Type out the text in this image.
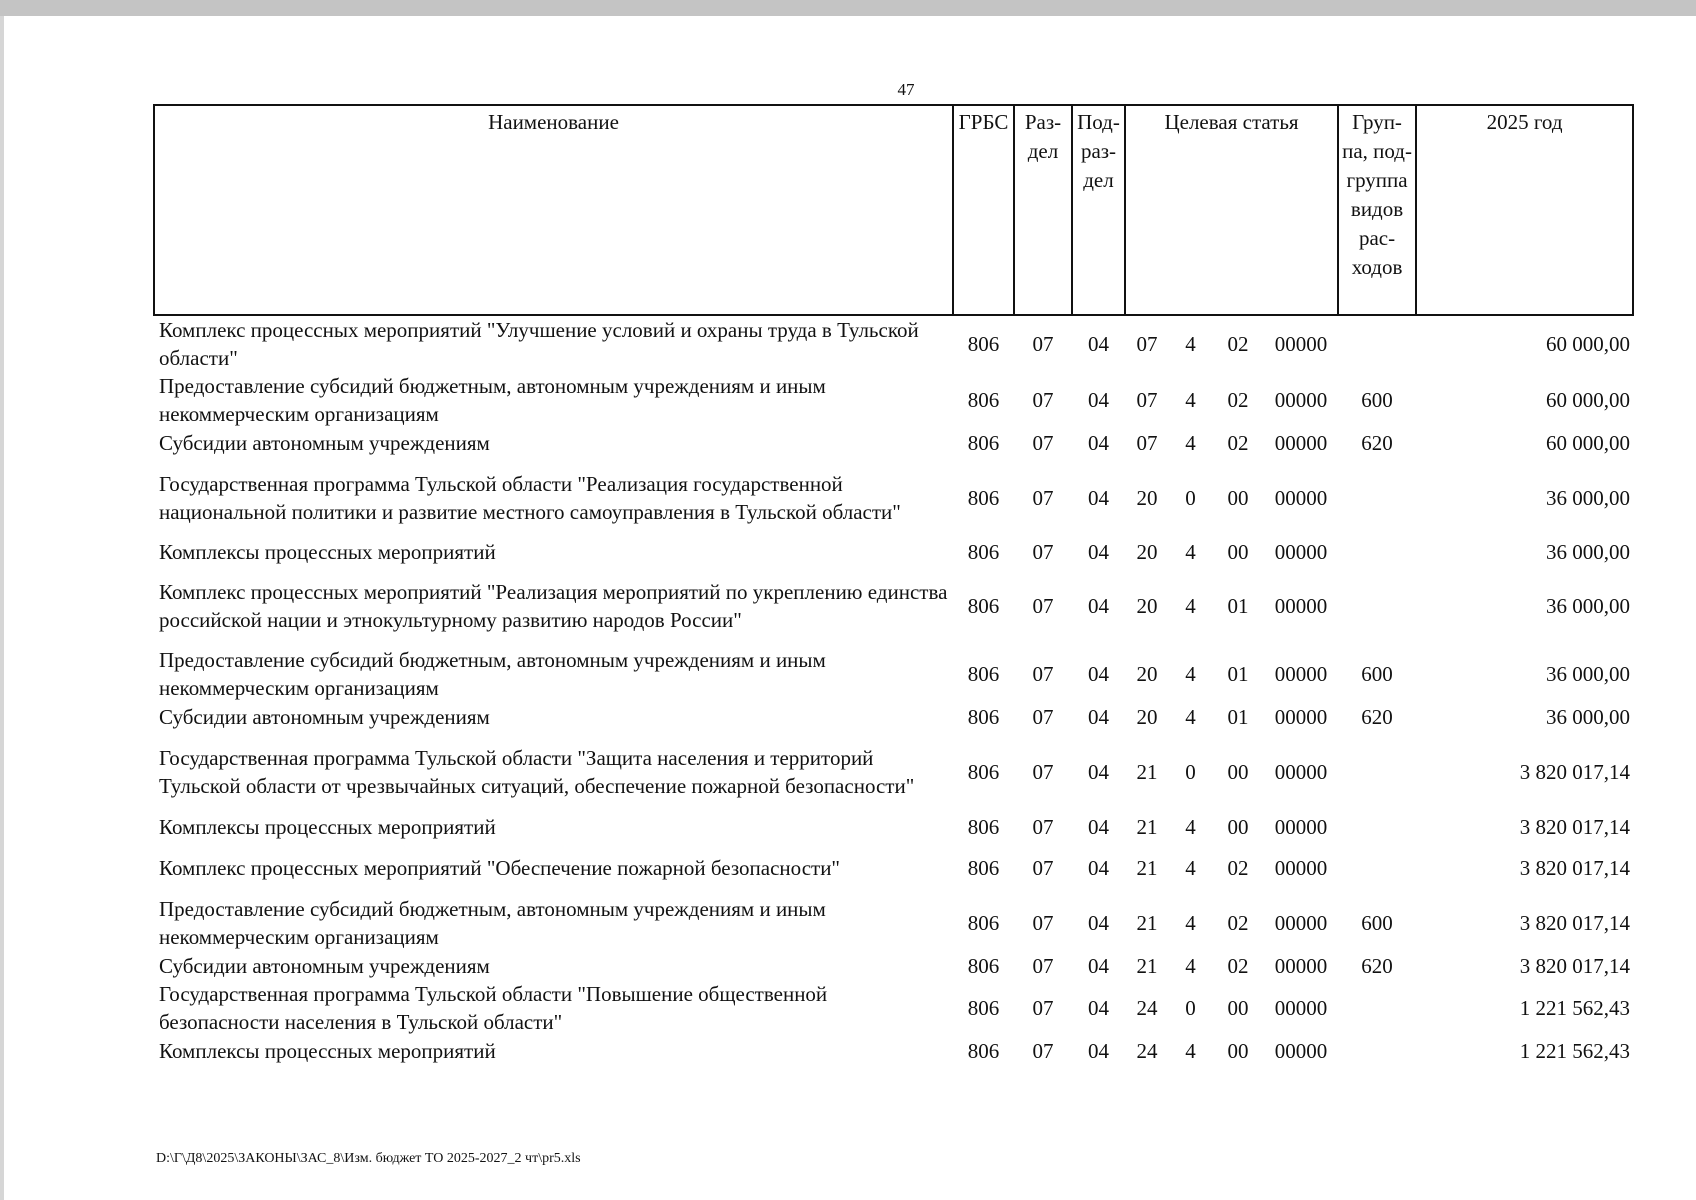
47
Наименование	ГРБС	Раз-дел	Под-раз-дел	Целевая статья				Груп-па, под-группа видов рас-ходов	2025 год
Комплекс процессных мероприятий "Улучшение условий и охраны труда в Тульской области"	806	07	04	07	4	02	00000		60 000,00
Предоставление субсидий бюджетным, автономным учреждениям и иным некоммерческим организациям	806	07	04	07	4	02	00000	600	60 000,00
Субсидии автономным учреждениям	806	07	04	07	4	02	00000	620	60 000,00
Государственная программа Тульской области "Реализация государственной национальной политики и развитие местного самоуправления в Тульской области"	806	07	04	20	0	00	00000		36 000,00
Комплексы процессных мероприятий	806	07	04	20	4	00	00000		36 000,00
Комплекс процессных мероприятий "Реализация мероприятий по укреплению единства российской нации и этнокультурному развитию народов России"	806	07	04	20	4	01	00000		36 000,00
Предоставление субсидий бюджетным, автономным учреждениям и иным некоммерческим организациям	806	07	04	20	4	01	00000	600	36 000,00
Субсидии автономным учреждениям	806	07	04	20	4	01	00000	620	36 000,00
Государственная программа Тульской области "Защита населения и территорий Тульской области от чрезвычайных ситуаций, обеспечение пожарной безопасности"	806	07	04	21	0	00	00000		3 820 017,14
Комплексы процессных мероприятий	806	07	04	21	4	00	00000		3 820 017,14
Комплекс процессных мероприятий "Обеспечение пожарной безопасности"	806	07	04	21	4	02	00000		3 820 017,14
Предоставление субсидий бюджетным, автономным учреждениям и иным некоммерческим организациям	806	07	04	21	4	02	00000	600	3 820 017,14
Субсидии автономным учреждениям	806	07	04	21	4	02	00000	620	3 820 017,14
Государственная программа Тульской области "Повышение общественной безопасности населения в Тульской области"	806	07	04	24	0	00	00000		1 221 562,43
Комплексы процессных мероприятий	806	07	04	24	4	00	00000		1 221 562,43
D:\Г\Д8\2025\ЗАКОНЫ\ЗАС_8\Изм. бюджет ТО 2025-2027_2 чт\pr5.xls
